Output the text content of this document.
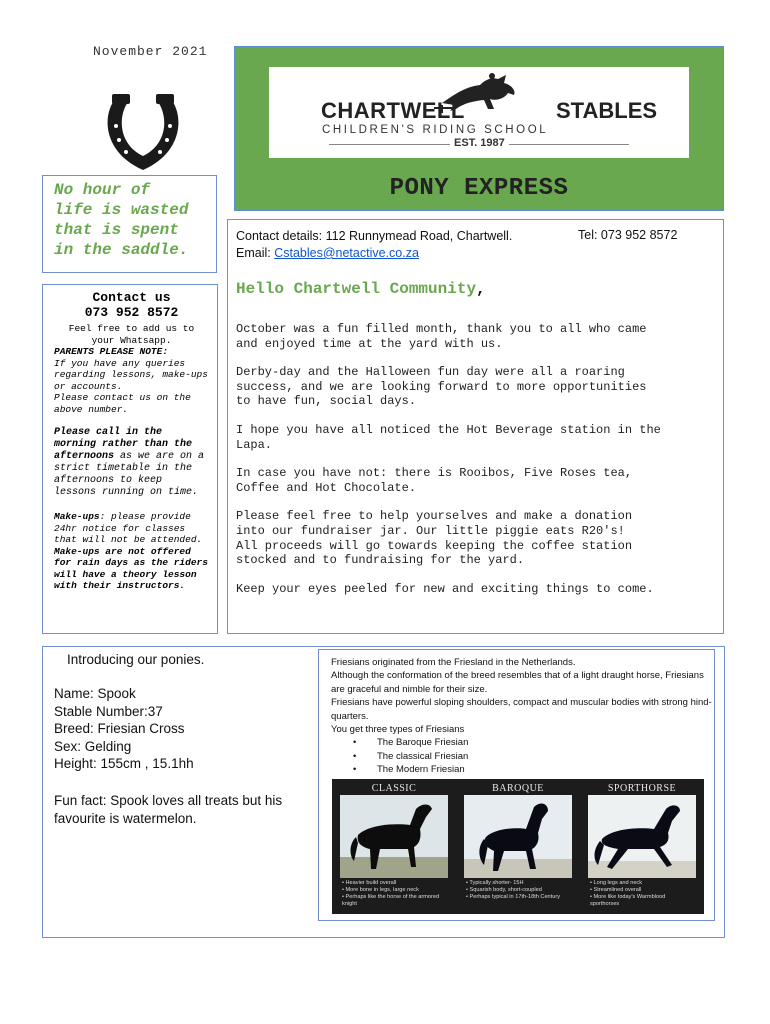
November 2021
No hour of
life is wasted
that is spent
in the saddle.
CHARTWELL	STABLES
CHILDREN'S RIDING SCHOOL
EST. 1987
PONY EXPRESS
Contact us
073 952 8572
Feel free to add us to
your Whatsapp.
PARENTS PLEASE NOTE:
If you have any queries regarding lessons, make-ups or accounts.
Please contact us on the above number.
Please call in the morning rather than the afternoons as we are on a strict timetable in the afternoons to keep lessons running on time.
Make-ups: please provide 24hr notice for classes that will not be attended.
Make-ups are not offered for rain days as the riders will have a theory lesson with their instructors.
Contact details: 112 Runnymead Road, Chartwell.
Email: Cstables@netactive.co.za
Tel: 073 952 8572
Hello Chartwell Community,

October was a fun filled month, thank you to all who came
and enjoyed time at the yard with us.

Derby-day and the Halloween fun day were all a roaring
success, and we are looking forward to more opportunities
to have fun, social days.

I hope you have all noticed the Hot Beverage station in the
Lapa.

In case you have not: there is Rooibos, Five Roses tea,
Coffee and Hot Chocolate.

Please feel free to help yourselves and make a donation
into our fundraiser jar. Our little piggie eats R20's!
All proceeds will go towards keeping the coffee station
stocked and to fundraising for the yard.

Keep your eyes peeled for new and exciting things to come.

Introducing our ponies.
Name: Spook
Stable Number:37
Breed: Friesian Cross
Sex: Gelding
Height: 155cm , 15.1hh
Fun fact: Spook loves all treats but his favourite is watermelon.
Friesians originated from the Friesland in the Netherlands.
Although the conformation of the breed resembles that of a light draught horse, Friesians are graceful and nimble for their size.
Friesians have powerful sloping shoulders, compact and muscular bodies with strong hind-quarters.
You get three types of Friesians
• The Baroque Friesian
• The classical Friesian
• The Modern Friesian
CLASSIC
• Heavier build overall
• More bone in legs, large neck
• Perhaps like the horse of the armored knight
BAROQUE
• Typically shorter- 15H
• Squarish body, short-coupled
• Perhaps typical in 17th-18th Century
SPORTHORSE
• Long legs and neck
• Streamlined overall
• More like today's Warmblood sporthorses
